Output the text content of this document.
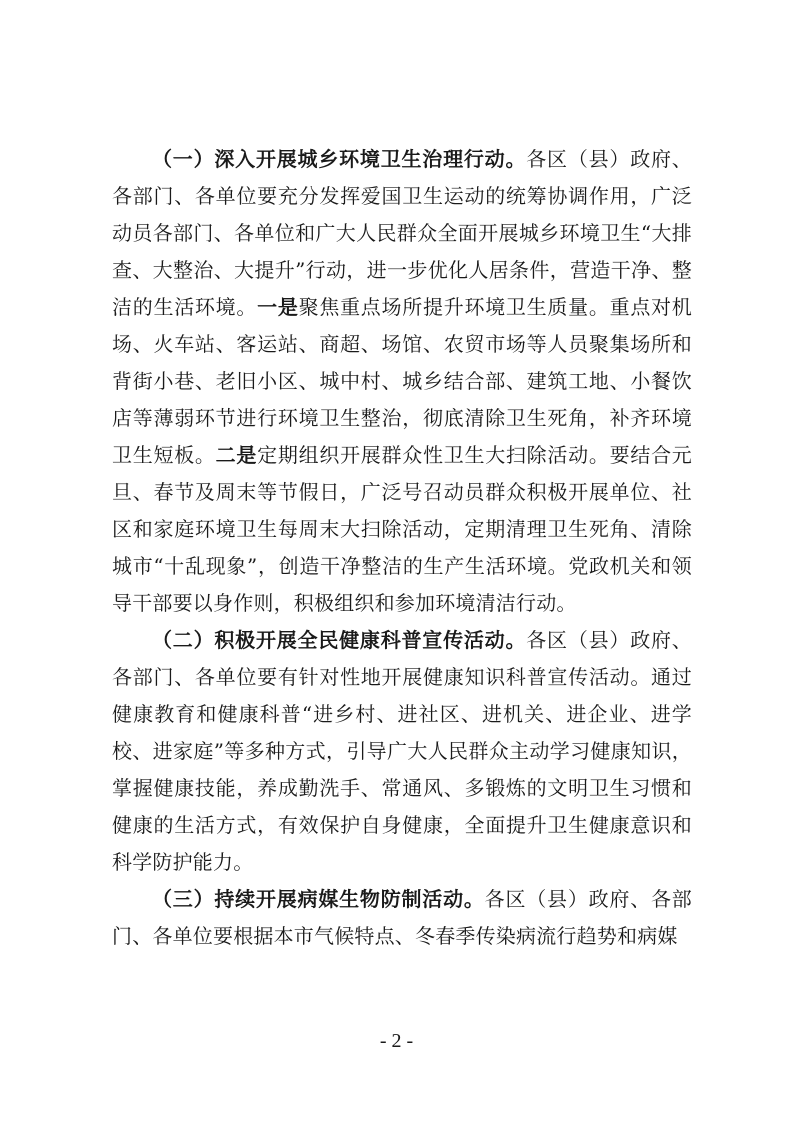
（一）深入开展城乡环境卫生治理行动。各区（县）政府、各部门、各单位要充分发挥爱国卫生运动的统筹协调作用，广泛动员各部门、各单位和广大人民群众全面开展城乡环境卫生“大排查、大整治、大提升”行动，进一步优化人居条件，营造干净、整洁的生活环境。一是聚焦重点场所提升环境卫生质量。重点对机场、火车站、客运站、商超、场馆、农贸市场等人员聚集场所和背街小巷、老旧小区、城中村、城乡结合部、建筑工地、小餐饮店等薄弱环节进行环境卫生整治，彻底清除卫生死角，补齐环境卫生短板。二是定期组织开展群众性卫生大扫除活动。要结合元旦、春节及周末等节假日，广泛号召动员群众积极开展单位、社区和家庭环境卫生每周末大扫除活动，定期清理卫生死角、清除城市“十乱现象”，创造干净整洁的生产生活环境。党政机关和领导干部要以身作则，积极组织和参加环境清洁行动。

（二）积极开展全民健康科普宣传活动。各区（县）政府、各部门、各单位要有针对性地开展健康知识科普宣传活动。通过健康教育和健康科普“进乡村、进社区、进机关、进企业、进学校、进家庭”等多种方式，引导广大人民群众主动学习健康知识，掌握健康技能，养成勤洗手、常通风、多锻炼的文明卫生习惯和健康的生活方式，有效保护自身健康，全面提升卫生健康意识和科学防护能力。

（三）持续开展病媒生物防制活动。各区（县）政府、各部门、各单位要根据本市气候特点、冬春季传染病流行趋势和病媒

- 2 -
